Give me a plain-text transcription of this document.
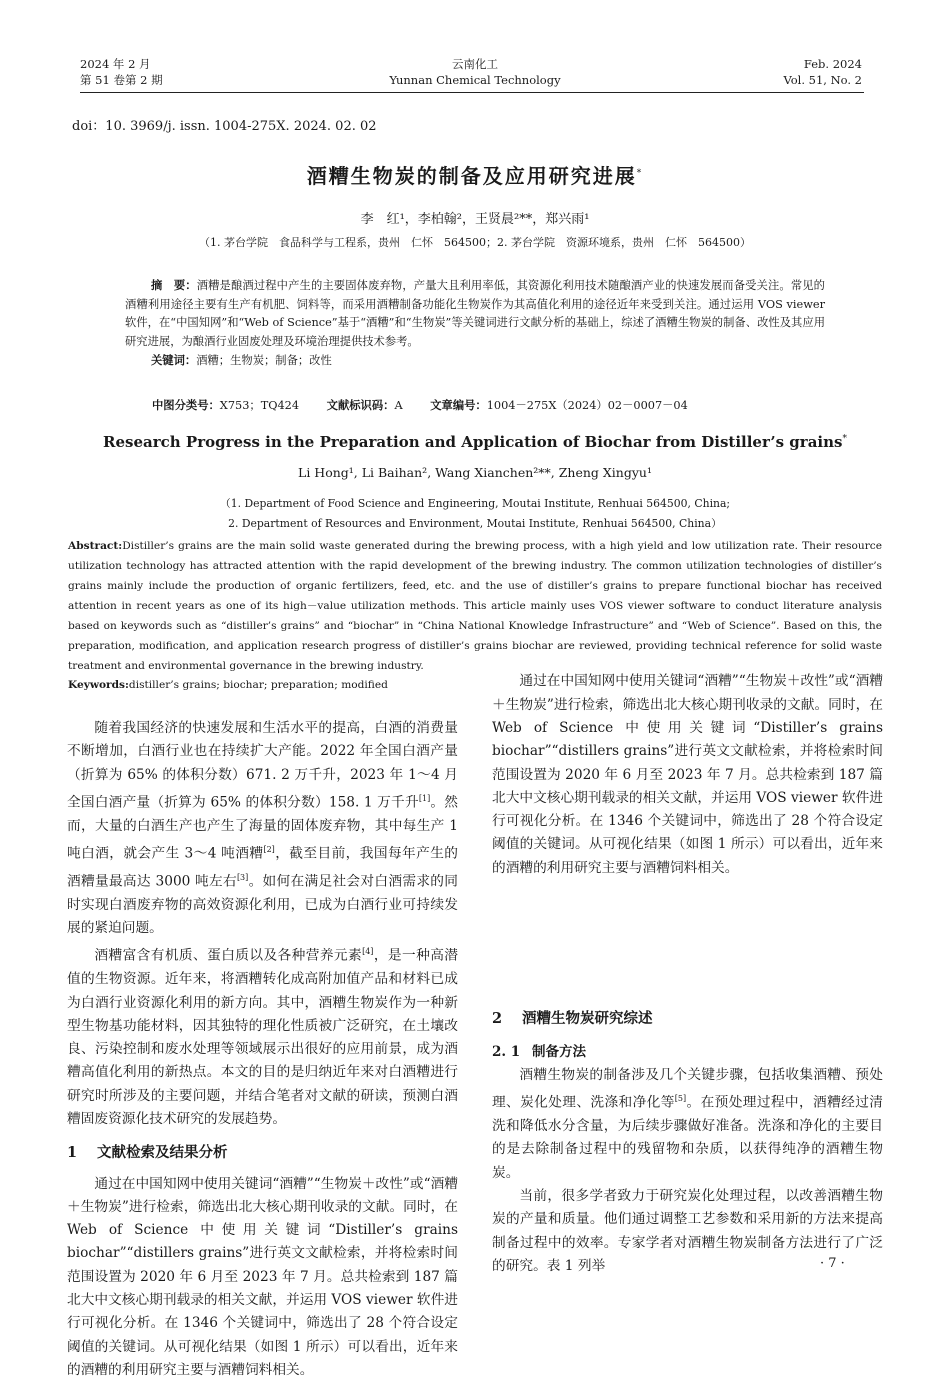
2024 年 2 月
第 51 卷第 2 期
云南化工
Yunnan Chemical Technology
Feb. 2024
Vol. 51, No. 2
doi：10. 3969/j. issn. 1004-275X. 2024. 02. 02
酒糟生物炭的制备及应用研究进展*
李　红¹，李柏翰²，王贤晨²**，郑兴雨¹
（1. 茅台学院　食品科学与工程系，贵州　仁怀　564500；2. 茅台学院　资源环境系，贵州　仁怀　564500）
摘　要：酒糟是酿酒过程中产生的主要固体废弃物，产量大且利用率低，其资源化利用技术随酿酒产业的快速发展而备受关注。常见的酒糟利用途径主要有生产有机肥、饲料等，而采用酒糟制备功能化生物炭作为其高值化利用的途径近年来受到关注。通过运用 VOS viewer 软件，在“中国知网”和“Web of Science”基于“酒糟”和“生物炭”等关键词进行文献分析的基础上，综述了酒糟生物炭的制备、改性及其应用研究进展，为酿酒行业固废处理及环境治理提供技术参考。
关键词：酒糟；生物炭；制备；改性
中图分类号：X753；TQ424 文献标识码：A 文章编号：1004－275X（2024）02－0007－04
Research Progress in the Preparation and Application of Biochar from Distiller’s grains*
Li Hong¹, Li Baihan², Wang Xianchen²**, Zheng Xingyu¹
（1. Department of Food Science and Engineering, Moutai Institute, Renhuai 564500, China;
2. Department of Resources and Environment, Moutai Institute, Renhuai 564500, China）
Abstract:Distiller’s grains are the main solid waste generated during the brewing process, with a high yield and low utilization rate. Their resource utilization technology has attracted attention with the rapid development of the brewing industry. The common utilization technologies of distiller’s grains mainly include the production of organic fertilizers, feed, etc. and the use of distiller’s grains to prepare functional biochar has received attention in recent years as one of its high－value utilization methods. This article mainly uses VOS viewer software to conduct literature analysis based on keywords such as “distiller’s grains” and “biochar” in “China National Knowledge Infrastructure” and “Web of Science”. Based on this, the preparation, modification, and application research progress of distiller’s grains biochar are reviewed, providing technical reference for solid waste treatment and environmental governance in the brewing industry.
Keywords:distiller’s grains; biochar; preparation; modified

随着我国经济的快速发展和生活水平的提高，白酒的消费量不断增加，白酒行业也在持续扩大产能。2022 年全国白酒产量（折算为 65% 的体积分数）671. 2 万千升，2023 年 1～4 月全国白酒产量（折算为 65% 的体积分数）158. 1 万千升[1]。然而，大量的白酒生产也产生了海量的固体废弃物，其中每生产 1 吨白酒，就会产生 3～4 吨酒糟[2]，截至目前，我国每年产生的酒糟量最高达 3000 吨左右[3]。如何在满足社会对白酒需求的同时实现白酒废弃物的高效资源化利用，已成为白酒行业可持续发展的紧迫问题。

酒糟富含有机质、蛋白质以及各种营养元素[4]，是一种高潜值的生物资源。近年来，将酒糟转化成高附加值产品和材料已成为白酒行业资源化利用的新方向。其中，酒糟生物炭作为一种新型生物基功能材料，因其独特的理化性质被广泛研究，在土壤改良、污染控制和废水处理等领域展示出很好的应用前景，成为酒糟高值化利用的新热点。本文的目的是归纳近年来对白酒糟进行研究时所涉及的主要问题，并结合笔者对文献的研读，预测白酒糟固废资源化技术研究的发展趋势。

1 文献检索及结果分析

通过在中国知网中使用关键词“酒糟”“生物炭＋改性”或“酒糟＋生物炭”进行检索，筛选出北大核心期刊收录的文献。同时，在 Web of Science 中使用关键词“Distiller’s grains biochar”“distillers grains”进行英文文献检索，并将检索时间范围设置为 2020 年 6 月至 2023 年 7 月。总共检索到 187 篇北大中文核心期刊载录的相关文献，并运用 VOS viewer 软件进行可视化分析。在 1346 个关键词中，筛选出了 28 个符合设定阈值的关键词。从可视化结果（如图 1 所示）可以看出，近年来的酒糟的利用研究主要与酒糟饲料相关。

通过在中国知网中使用关键词“酒糟”“生物炭＋改性”或“酒糟＋生物炭”进行检索，筛选出北大核心期刊收录的文献。同时，在 Web of Science 中使用关键词“Distiller’s grains biochar”“distillers grains”进行英文文献检索，并将检索时间范围设置为 2020 年 6 月至 2023 年 7 月。总共检索到 187 篇北大中文核心期刊载录的相关文献，并运用 VOS viewer 软件进行可视化分析。在 1346 个关键词中，筛选出了 28 个符合设定阈值的关键词。从可视化结果（如图 1 所示）可以看出，近年来的酒糟的利用研究主要与酒糟饲料相关。

2 酒糟生物炭研究综述

2. 1 制备方法

酒糟生物炭的制备涉及几个关键步骤，包括收集酒糟、预处理、炭化处理、洗涤和净化等[5]。在预处理过程中，酒糟经过清洗和降低水分含量，为后续步骤做好准备。洗涤和净化的主要目的是去除制备过程中的残留物和杂质，以获得纯净的酒糟生物炭。

当前，很多学者致力于研究炭化处理过程，以改善酒糟生物炭的产量和质量。他们通过调整工艺参数和采用新的方法来提高制备过程中的效率。专家学者对酒糟生物炭制备方法进行了广泛的研究。表 1 列举	· 7 ·
